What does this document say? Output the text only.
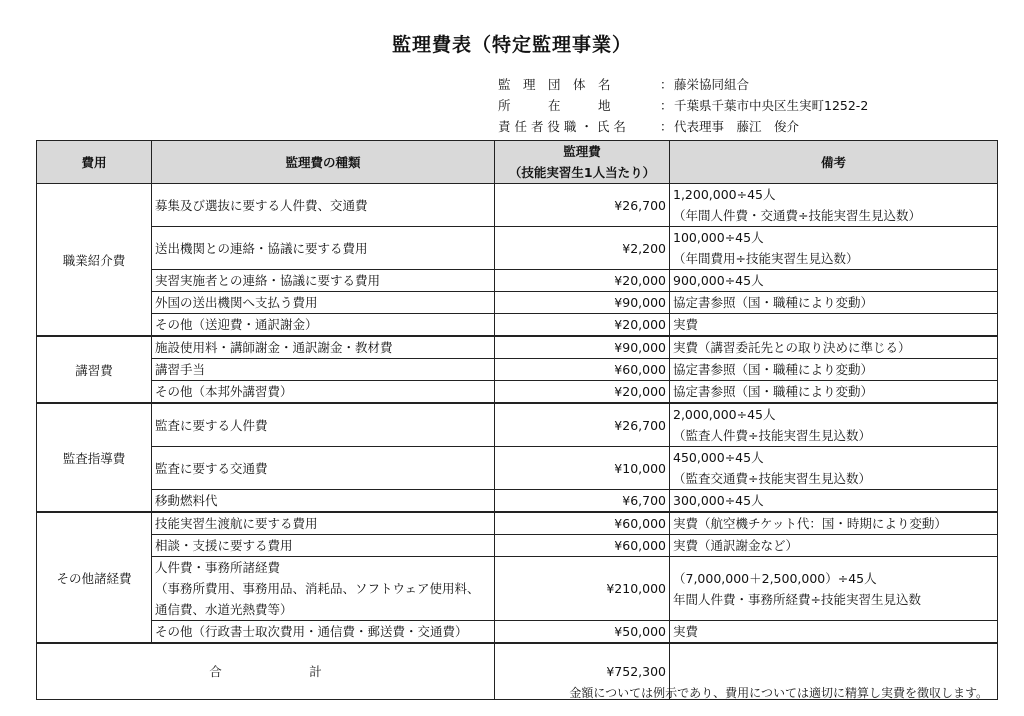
監理費表（特定監理事業）
監　理　団　体　名	： 藤栄協同組合
所　　　在　　　地	： 千葉県千葉市中央区生実町1252-2
責 任 者 役 職 ・ 氏 名	： 代表理事　藤江　俊介
費用	監理費の種類	監理費
（技能実習生1人当たり）	備考
職業紹介費	募集及び選抜に要する人件費、交通費	¥26,700	1,200,000÷45人
（年間人件費・交通費÷技能実習生見込数）

	送出機関との連絡・協議に要する費用	¥2,200	100,000÷45人
（年間費用÷技能実習生見込数）

	実習実施者との連絡・協議に要する費用	¥20,000	900,000÷45人

	外国の送出機関へ支払う費用	¥90,000	協定書参照（国・職種により変動）

	その他（送迎費・通訳謝金）	¥20,000	実費

講習費	施設使用料・講師謝金・通訳謝金・教材費	¥90,000	実費（講習委託先との取り決めに準じる）

	講習手当	¥60,000	協定書参照（国・職種により変動）

	その他（本邦外講習費）	¥20,000	協定書参照（国・職種により変動）

監査指導費	監査に要する人件費	¥26,700	2,000,000÷45人
（監査人件費÷技能実習生見込数）

	監査に要する交通費	¥10,000	450,000÷45人
（監査交通費÷技能実習生見込数）

	移動燃料代	¥6,700	300,000÷45人

その他諸経費	技能実習生渡航に要する費用	¥60,000	実費（航空機チケット代：国・時期により変動）

	相談・支援に要する費用	¥60,000	実費（通訳謝金など）

	人件費・事務所諸経費
（事務所費用、事務用品、消耗品、ソフトウェア使用料、
通信費、水道光熱費等）	¥210,000	（7,000,000＋2,500,000）÷45人
年間人件費・事務所経費÷技能実習生見込数

	その他（行政書士取次費用・通信費・郵送費・交通費）	¥50,000	実費

合　　　　　　　計		¥752,300	
金額については例示であり、費用については適切に精算し実費を徴収します。
